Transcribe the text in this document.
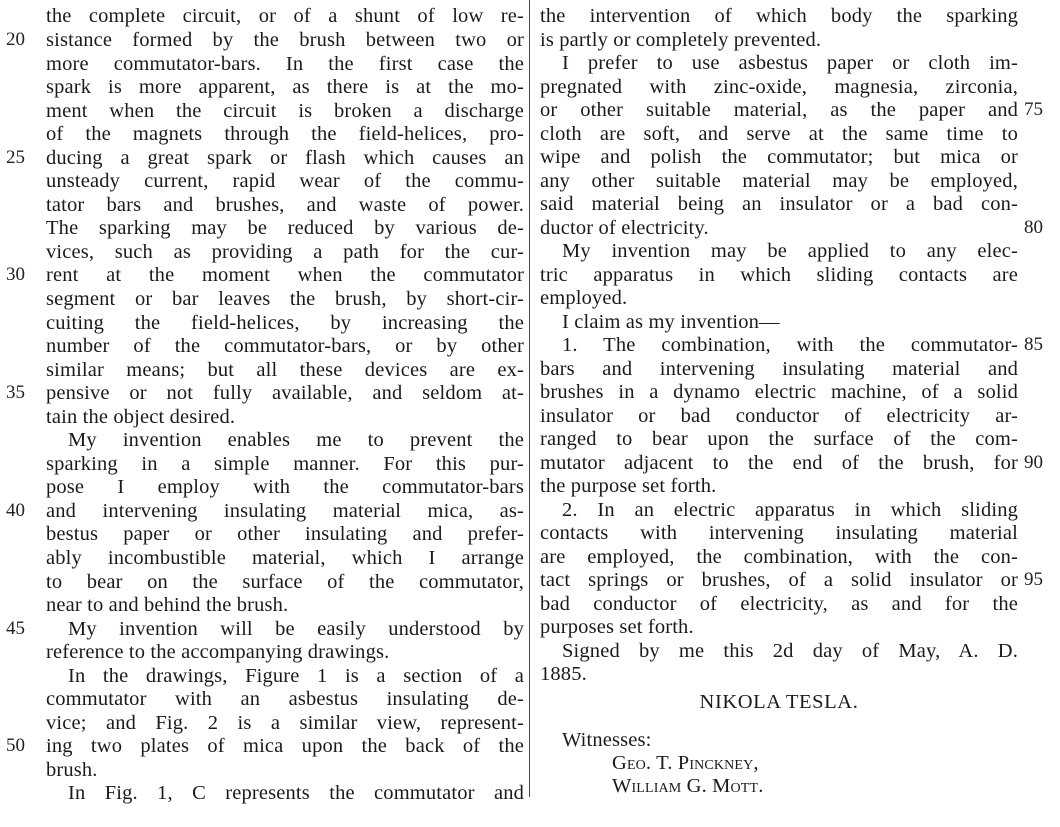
the complete circuit, or of a shunt of low re-
sistance formed by the brush between two or
more commutator-bars. In the first case the
spark is more apparent, as there is at the mo-
ment when the circuit is broken a discharge
of the magnets through the field-helices, pro-
ducing a great spark or flash which causes an
unsteady current, rapid wear of the commu-
tator bars and brushes, and waste of power.
The sparking may be reduced by various de-
vices, such as providing a path for the cur-
rent at the moment when the commutator
segment or bar leaves the brush, by short-cir-
cuiting the field-helices, by increasing the
number of the commutator-bars, or by other
similar means; but all these devices are ex-
pensive or not fully available, and seldom at-
tain the object desired.
My invention enables me to prevent the
sparking in a simple manner. For this pur-
pose I employ with the commutator-bars
and intervening insulating material mica, as-
bestus paper or other insulating and prefer-
ably incombustible material, which I arrange
to bear on the surface of the commutator,
near to and behind the brush.
My invention will be easily understood by
reference to the accompanying drawings.
In the drawings, Figure 1 is a section of a
commutator with an asbestus insulating de-
vice; and Fig. 2 is a similar view, represent-
ing two plates of mica upon the back of the
brush.
In Fig. 1, C represents the commutator and
the intervention of which body the sparking
is partly or completely prevented.
I prefer to use asbestus paper or cloth im-
pregnated with zinc-oxide, magnesia, zirconia,
or other suitable material, as the paper and
cloth are soft, and serve at the same time to
wipe and polish the commutator; but mica or
any other suitable material may be employed,
said material being an insulator or a bad con-
ductor of electricity.
My invention may be applied to any elec-
tric apparatus in which sliding contacts are
employed.
I claim as my invention—
1. The combination, with the commutator-
bars and intervening insulating material and
brushes in a dynamo electric machine, of a solid
insulator or bad conductor of electricity ar-
ranged to bear upon the surface of the com-
mutator adjacent to the end of the brush, for
the purpose set forth.
2. In an electric apparatus in which sliding
contacts with intervening insulating material
are employed, the combination, with the con-
tact springs or brushes, of a solid insulator or
bad conductor of electricity, as and for the
purposes set forth.
Signed by me this 2d day of May, A. D.
1885.
NIKOLA TESLA.
Witnesses:
Geo. T. Pinckney,
William G. Mott.
20
25
30
35
40
45
50
75
80
85
90
95
